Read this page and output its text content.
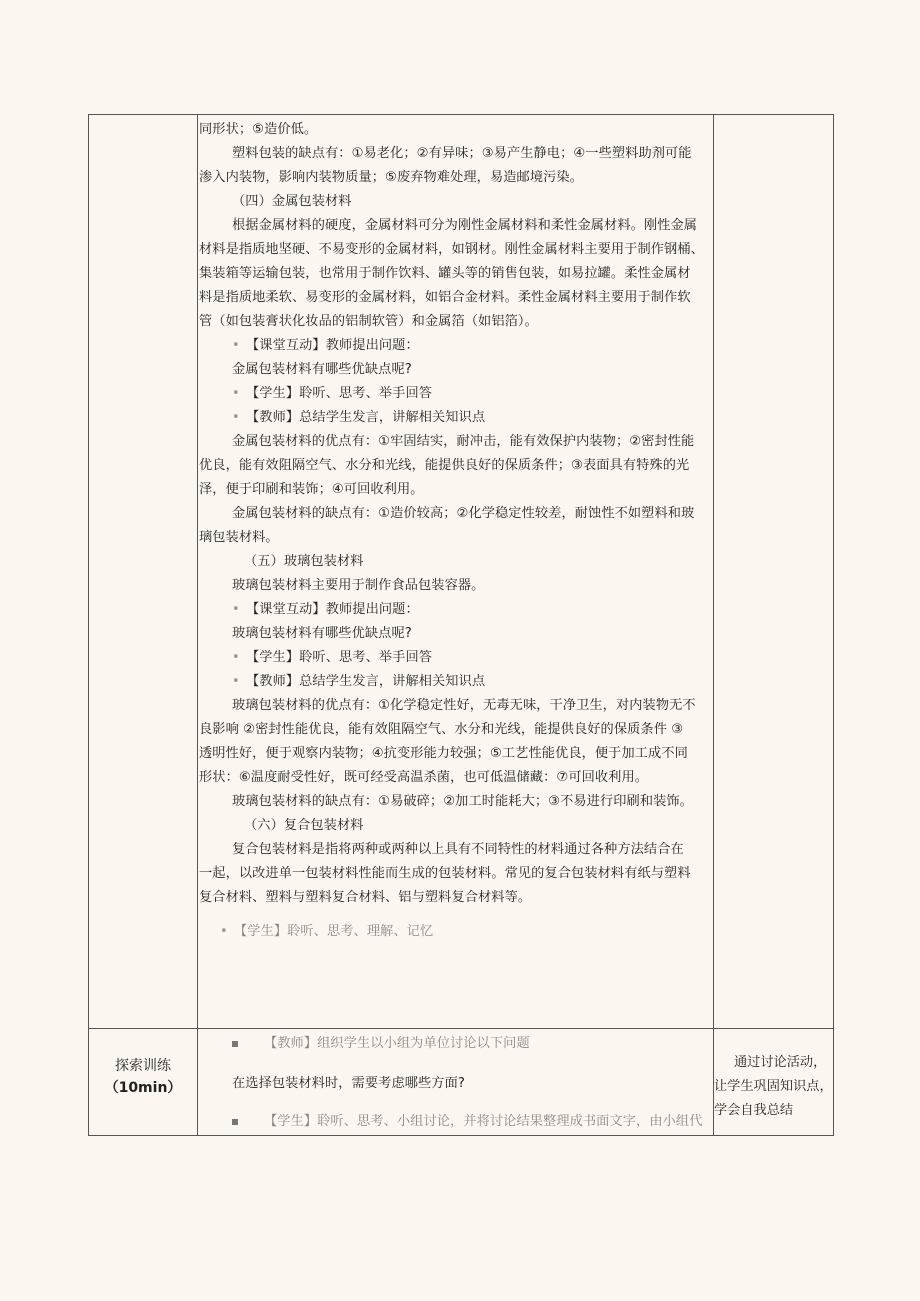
同形状；⑤造价低。
塑料包装的缺点有：①易老化；②有异味；③易产生静电；④一些塑料助剂可能
渗入内装物，影响内装物质量；⑤废弃物难处理，易造邮境污染。
（四）金属包装材料
根据金属材料的硬度，金属材料可分为刚性金属材料和柔性金属材料。刚性金属
材料是指质地坚硬、不易变形的金属材料，如钢材。刚性金属材料主要用于制作钢桶、
集装箱等运输包装，也常用于制作饮料、罐头等的销售包装，如易拉罐。柔性金属材
料是指质地柔软、易变形的金属材料，如铝合金材料。柔性金属材料主要用于制作软
管（如包装膏状化妆品的铝制软管）和金属箔（如铝箔）。
• 【课堂互动】教师提出问题：
金属包装材料有哪些优缺点呢?
• 【学生】聆听、思考、举手回答
• 【教师】总结学生发言，讲解相关知识点
金属包装材料的优点有：①牢固结实，耐冲击，能有效保护内装物；②密封性能
优良，能有效阻隔空气、水分和光线，能提供良好的保质条件；③表面具有特殊的光
泽，便于印刷和装饰；④可回收利用。
金属包装材料的缺点有：①造价较高；②化学稳定性较差，耐蚀性不如塑料和玻
璃包装材料。
（五）玻璃包装材料
玻璃包装材料主要用于制作食品包装容器。
• 【课堂互动】教师提出问题：
玻璃包装材料有哪些优缺点呢?
• 【学生】聆听、思考、举手回答
• 【教师】总结学生发言，讲解相关知识点
玻璃包装材料的优点有：①化学稳定性好，无毒无味，干净卫生，对内装物无不
良影响 ②密封性能优良，能有效阻隔空气、水分和光线，能提供良好的保质条件 ③
透明性好，便于观察内装物；④抗变形能力较强；⑤工艺性能优良，便于加工成不同
形状：⑥温度耐受性好，既可经受高温杀菌，也可低温储藏：⑦可回收利用。
玻璃包装材料的缺点有：①易破碎；②加工时能耗大；③不易进行印刷和装饰。
（六）复合包装材料
复合包装材料是指将两种或两种以上具有不同特性的材料通过各种方法结合在
一起，以改进单一包装材料性能而生成的包装材料。常见的复合包装材料有纸与塑料
复合材料、塑料与塑料复合材料、铝与塑料复合材料等。
• 【学生】聆听、思考、理解、记忆
探索训练
（10min）
【教师】组织学生以小组为单位讨论以下问题
在选择包装材料时，需要考虑哪些方面?
【学生】聆听、思考、小组讨论，并将讨论结果整理成书面文字，由小组代
通过讨论活动，
让学生巩固知识点，
学会自我总结
